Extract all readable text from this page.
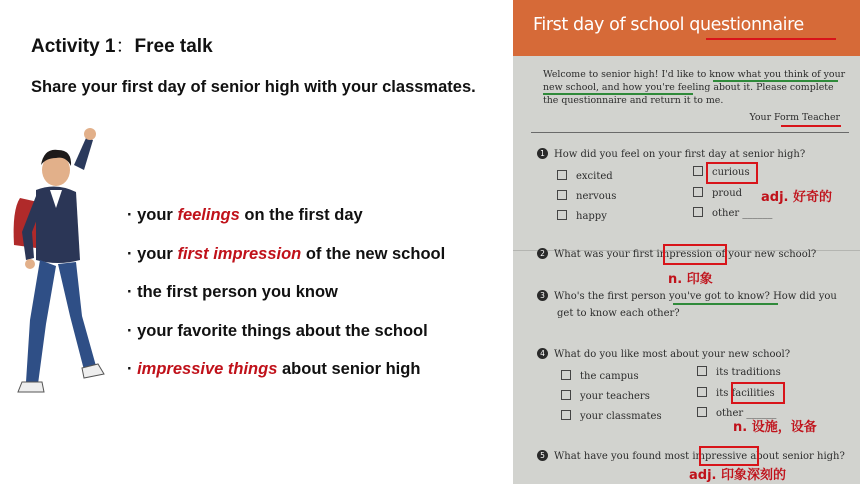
Activity 1：Free talk
Share your first day of senior high with your classmates.
· your feelings on the first day
· your first impression of the new school
· the first person you know
· your favorite things about the school
· impressive things about senior high
First day of school questionnaire
Welcome to senior high! I'd like to know what you think of your new school, and how you're feeling about it. Please complete the questionnaire and return it to me.
Your Form Teacher
1 How did you feel on your first day at senior high?
excited	curious
adj. 好奇的
nervous	proud
happy	other ______
2 What was your first impression of your new school?
n. 印象
3 Who's the first person you've got to know? How did you
get to know each other?
4 What do you like most about your new school?
the campus	its traditions
your teachers	its facilities
your classmates	other ______
n. 设施，设备
5 What have you found most impressive about senior high?
adj. 印象深刻的
